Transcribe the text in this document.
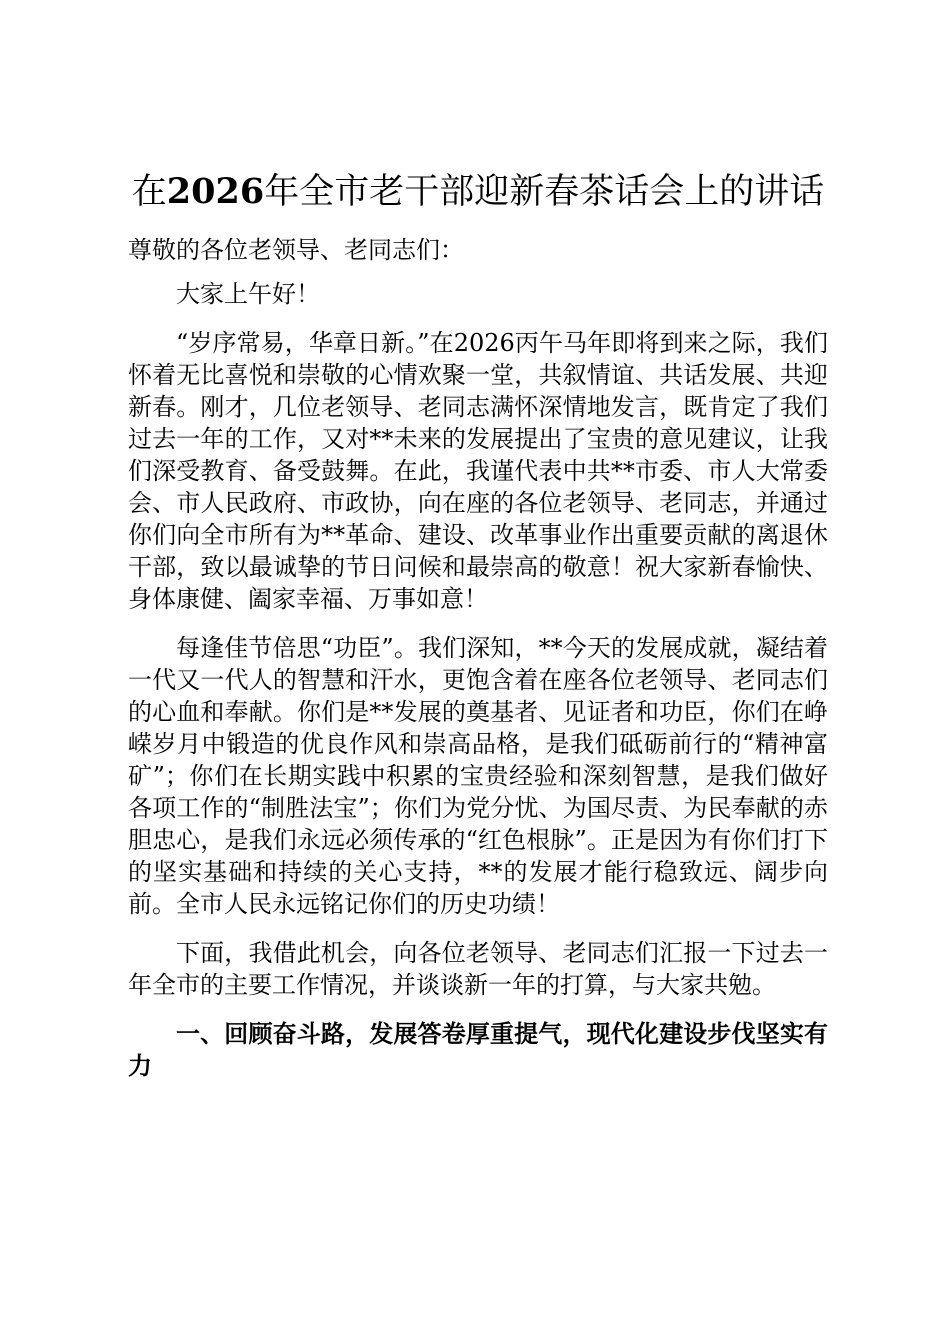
在2026年全市老干部迎新春茶话会上的讲话

尊敬的各位老领导、老同志们：

大家上午好！

“岁序常易，华章日新。”在2026丙午马年即将到来之际，我们怀着无比喜悦和崇敬的心情欢聚一堂，共叙情谊、共话发展、共迎新春。刚才，几位老领导、老同志满怀深情地发言，既肯定了我们过去一年的工作，又对**未来的发展提出了宝贵的意见建议，让我们深受教育、备受鼓舞。在此，我谨代表中共**市委、市人大常委会、市人民政府、市政协，向在座的各位老领导、老同志，并通过你们向全市所有为**革命、建设、改革事业作出重要贡献的离退休干部，致以最诚挚的节日问候和最崇高的敬意！祝大家新春愉快、身体康健、阖家幸福、万事如意！

每逢佳节倍思“功臣”。我们深知，**今天的发展成就，凝结着一代又一代人的智慧和汗水，更饱含着在座各位老领导、老同志们的心血和奉献。你们是**发展的奠基者、见证者和功臣，你们在峥嵘岁月中锻造的优良作风和崇高品格，是我们砥砺前行的“精神富矿”；你们在长期实践中积累的宝贵经验和深刻智慧，是我们做好各项工作的“制胜法宝”；你们为党分忧、为国尽责、为民奉献的赤胆忠心，是我们永远必须传承的“红色根脉”。正是因为有你们打下的坚实基础和持续的关心支持，**的发展才能行稳致远、阔步向前。全市人民永远铭记你们的历史功绩！

下面，我借此机会，向各位老领导、老同志们汇报一下过去一年全市的主要工作情况，并谈谈新一年的打算，与大家共勉。

一、回顾奋斗路，发展答卷厚重提气，现代化建设步伐坚实有力
